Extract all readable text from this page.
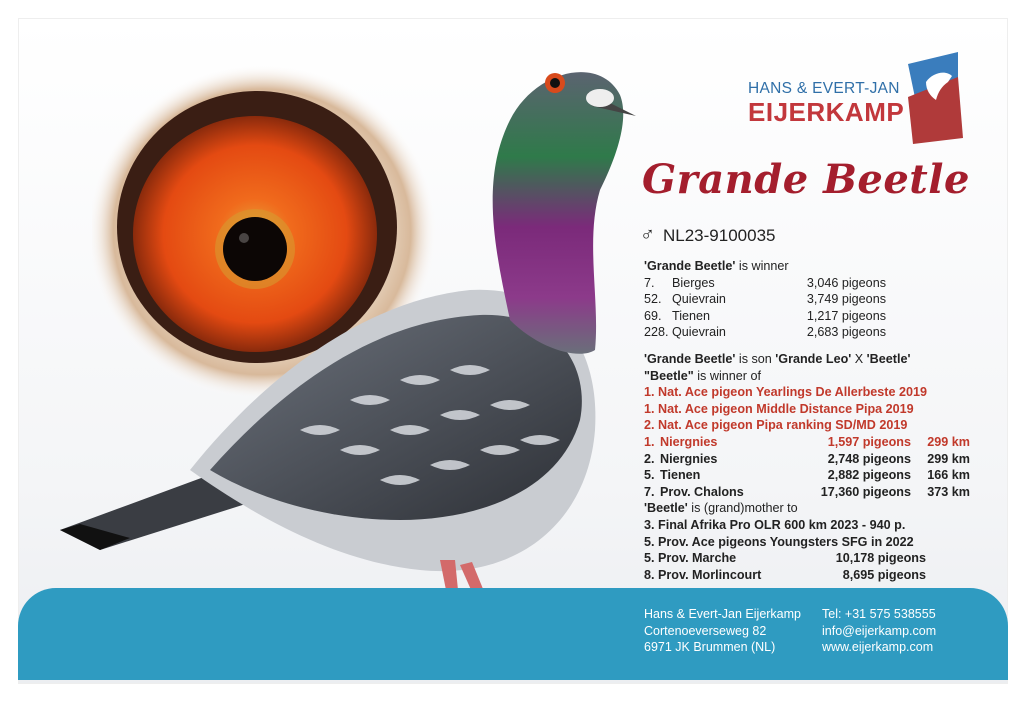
HANS & EVERT-JAN
EIJERKAMP
Grande Beetle
♂ NL23-9100035
'Grande Beetle' is winner
7. Bierges	3,046 pigeons
52. Quievrain	3,749 pigeons
69. Tienen	1,217 pigeons
228. Quievrain	2,683 pigeons
'Grande Beetle' is son 'Grande Leo' X 'Beetle'
"Beetle" is winner of
1. Nat. Ace pigeon Yearlings De Allerbeste 2019
1. Nat. Ace pigeon Middle Distance Pipa 2019
2. Nat. Ace pigeon Pipa ranking SD/MD 2019
1. Niergnies	1,597 pigeons	299 km
2. Niergnies	2,748 pigeons	299 km
5. Tienen	2,882 pigeons	166 km
7. Prov. Chalons	17,360 pigeons	373 km
'Beetle' is (grand)mother to
3. Final Afrika Pro OLR 600 km 2023 - 940 p.
5. Prov. Ace pigeons Youngsters SFG in 2022
5. Prov. Marche	10,178 pigeons
8. Prov. Morlincourt	8,695 pigeons
Hans & Evert-Jan Eijerkamp
Cortenoeverseweg 82
6971 JK Brummen (NL)
Tel: +31 575 538555
info@eijerkamp.com
www.eijerkamp.com
